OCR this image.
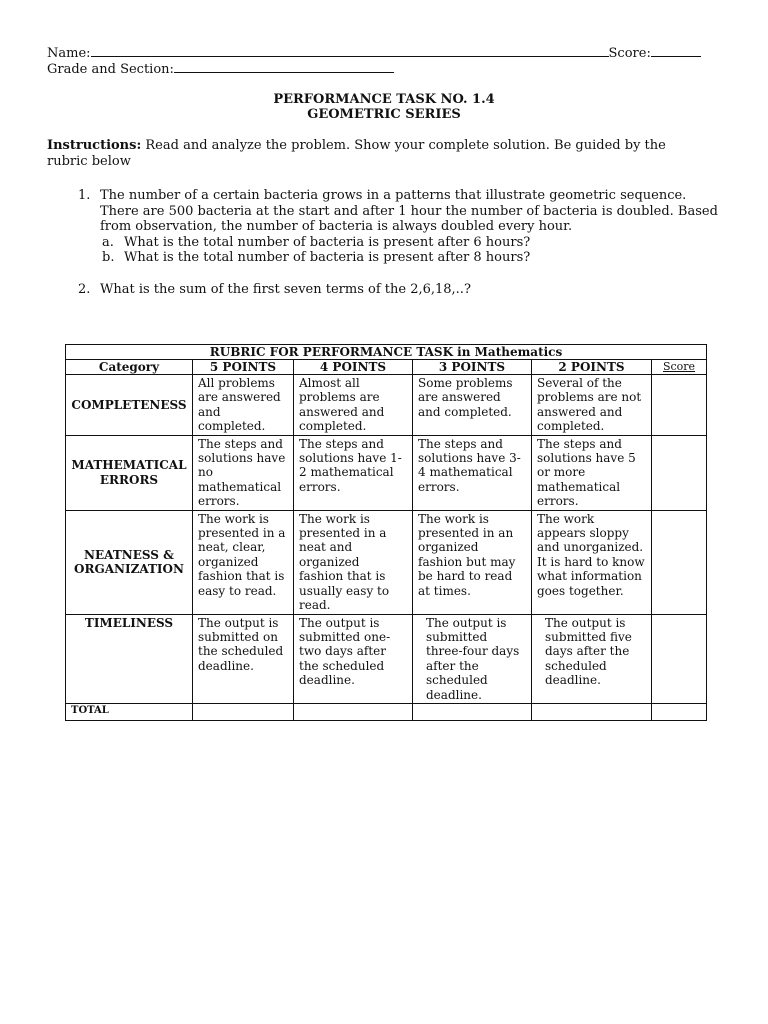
Name:	Score:
Grade and Section:
PERFORMANCE TASK NO. 1.4
GEOMETRIC SERIES
Instructions: Read and analyze the problem. Show your complete solution. Be guided by the rubric below
1. The number of a certain bacteria grows in a patterns that illustrate geometric sequence. There are 500 bacteria at the start and after 1 hour the number of bacteria is doubled. Based from observation, the number of bacteria is always doubled every hour.
a. What is the total number of bacteria is present after 6 hours?
b. What is the total number of bacteria is present after 8 hours?
2. What is the sum of the first seven terms of the 2,6,18,..?
RUBRIC FOR PERFORMANCE TASK in Mathematics					
Category	5 POINTS	4 POINTS	3 POINTS	2 POINTS	Score
COMPLETENESS	All problems are answered and completed.	Almost all problems are answered and completed.	Some problems are answered and completed.	Several of the problems are not answered and completed.	
MATHEMATICAL ERRORS	The steps and solutions have no mathematical errors.	The steps and solutions have 1-2 mathematical errors.	The steps and solutions have 3- 4 mathematical errors.	The steps and solutions have 5 or more mathematical errors.	
NEATNESS & ORGANIZATION	The work is presented in a neat, clear, organized fashion that is easy to read.	The work is presented in a neat and organized fashion that is usually easy to read.	The work is presented in an organized fashion but may be hard to read at times.	The work appears sloppy and unorganized. It is hard to know what information goes together.	
TIMELINESS	The output is submitted on the scheduled deadline.	The output is submitted one-two days after the scheduled deadline.	The output is submitted three-four days after the scheduled deadline.	The output is submitted five days after the scheduled deadline.	
TOTAL					
